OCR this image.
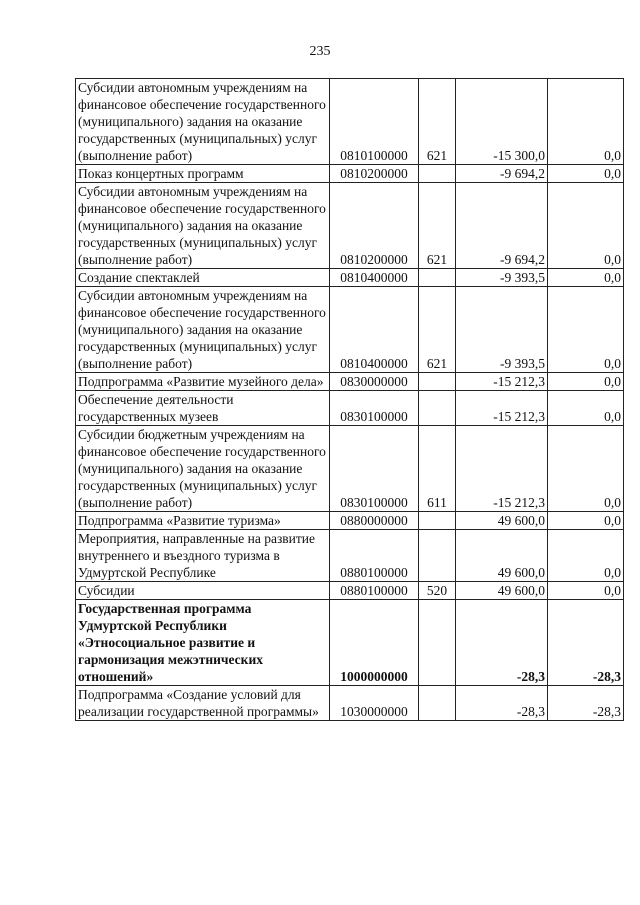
235
Субсидии автономным учреждениям на финансовое обеспечение государственного (муниципального) задания на оказание государственных (муниципальных) услуг (выполнение работ)	0810100000	621	-15 300,0	0,0
Показ концертных программ	0810200000		-9 694,2	0,0
Субсидии автономным учреждениям на финансовое обеспечение государственного (муниципального) задания на оказание государственных (муниципальных) услуг (выполнение работ)	0810200000	621	-9 694,2	0,0
Создание спектаклей	0810400000		-9 393,5	0,0
Субсидии автономным учреждениям на финансовое обеспечение государственного (муниципального) задания на оказание государственных (муниципальных) услуг (выполнение работ)	0810400000	621	-9 393,5	0,0
Подпрограмма «Развитие музейного дела»	0830000000		-15 212,3	0,0
Обеспечение деятельности государственных музеев	0830100000		-15 212,3	0,0
Субсидии бюджетным учреждениям на финансовое обеспечение государственного (муниципального) задания на оказание государственных (муниципальных) услуг (выполнение работ)	0830100000	611	-15 212,3	0,0
Подпрограмма «Развитие туризма»	0880000000		49 600,0	0,0
Мероприятия, направленные на развитие внутреннего и въездного туризма в Удмуртской Республике	0880100000		49 600,0	0,0
Субсидии	0880100000	520	49 600,0	0,0
Государственная программа Удмуртской Республики «Этносоциальное развитие и гармонизация межэтнических отношений»	1000000000		-28,3	-28,3
Подпрограмма «Создание условий для реализации государственной программы»	1030000000		-28,3	-28,3
